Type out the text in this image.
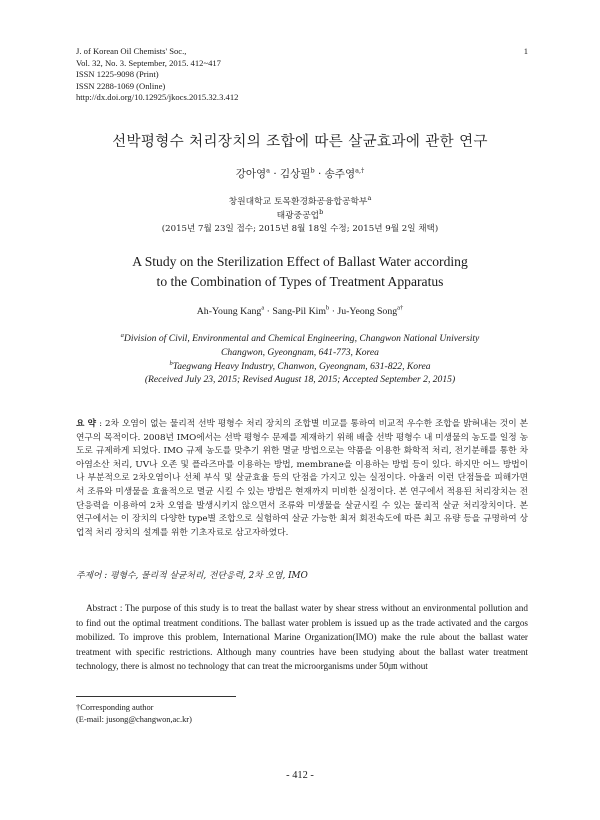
J. of Korean Oil Chemists' Soc.,
Vol. 32, No. 3. September, 2015. 412~417
ISSN 1225-9098 (Print)
ISSN 2288-1069 (Online)
http://dx.doi.org/10.12925/jkocs.2015.32.3.412
1
선박평형수 처리장치의 조합에 따른 살균효과에 관한 연구
강아영$^a$ · 김상필$^b$ · 송주영$^{a,\dagger}$
창원대학교 토목환경화공융합공학부$^a$
태광중공업$^b$
(2015년 7월 23일 접수; 2015년 8월 18일 수정; 2015년 9월 2일 채택)
A Study on the Sterilization Effect of Ballast Water according
to the Combination of Types of Treatment Apparatus
Ah-Young Kang$^a$ · Sang-Pil Kim$^b$ · Ju-Yeong Song$^{a\dagger}$
$^a$Division of Civil, Environmental and Chemical Engineering, Changwon National University
Changwon, Gyeongnam, 641-773, Korea
$^b$Taegwang Heavy Industry, Chanwon, Gyeongnam, 631-822, Korea
(Received July 23, 2015; Revised August 18, 2015; Accepted September 2, 2015)
요 약 : 2차 오염이 없는 물리적 선박 평형수 처리 장치의 조합별 비교를 통하여 비교적 우수한 조합을 밝혀내는 것이 본 연구의 목적이다. 2008년 IMO에서는 선박 평형수 문제를 제재하기 위해 배출 선박 평형수 내 미생물의 농도를 일정 농도로 규제하게 되었다. IMO 규제 농도를 맞추기 위한 멸균 방법으로는 약품을 이용한 화학적 처리, 전기분해를 통한 차아염소산 처리, UV나 오존 및 플라즈마를 이용하는 방법, membrane을 이용하는 방법 등이 있다. 하지만 어느 방법이나 부분적으로 2차오염이나 선체 부식 및 살균효율 등의 단점을 가지고 있는 실정이다. 아울러 이런 단점들을 피해가면서 조류와 미생물을 효율적으로 멸균 시킬 수 있는 방법은 현재까지 미비한 실정이다. 본 연구에서 적용된 처리장치는 전단응력을 이용하여 2차 오염을 발생시키지 않으면서 조류와 미생물을 살균시킬 수 있는 물리적 살균 처리장치이다. 본 연구에서는 이 장치의 다양한 type별 조합으로 실험하여 살균 가능한 최저 회전속도에 따른 최고 유량 등을 규명하여 상업적 처리 장치의 설계를 위한 기초자료로 삼고자하였다.
주제어 : 평형수, 물리적 살균처리, 전단응력, 2차 오염, IMO
Abstract : The purpose of this study is to treat the ballast water by shear stress without an environmental pollution and to find out the optimal treatment conditions. The ballast water problem is issued up as the trade activated and the cargos mobilized. To improve this problem, International Marine Organization(IMO) make the rule about the ballast water treatment with specific restrictions. Although many countries have been studying about the ballast water treatment technology, there is almost no technology that can treat the microorganisms under 50㎛ without
†Corresponding author
(E-mail: jusong@changwon,ac.kr)
- 412 -
